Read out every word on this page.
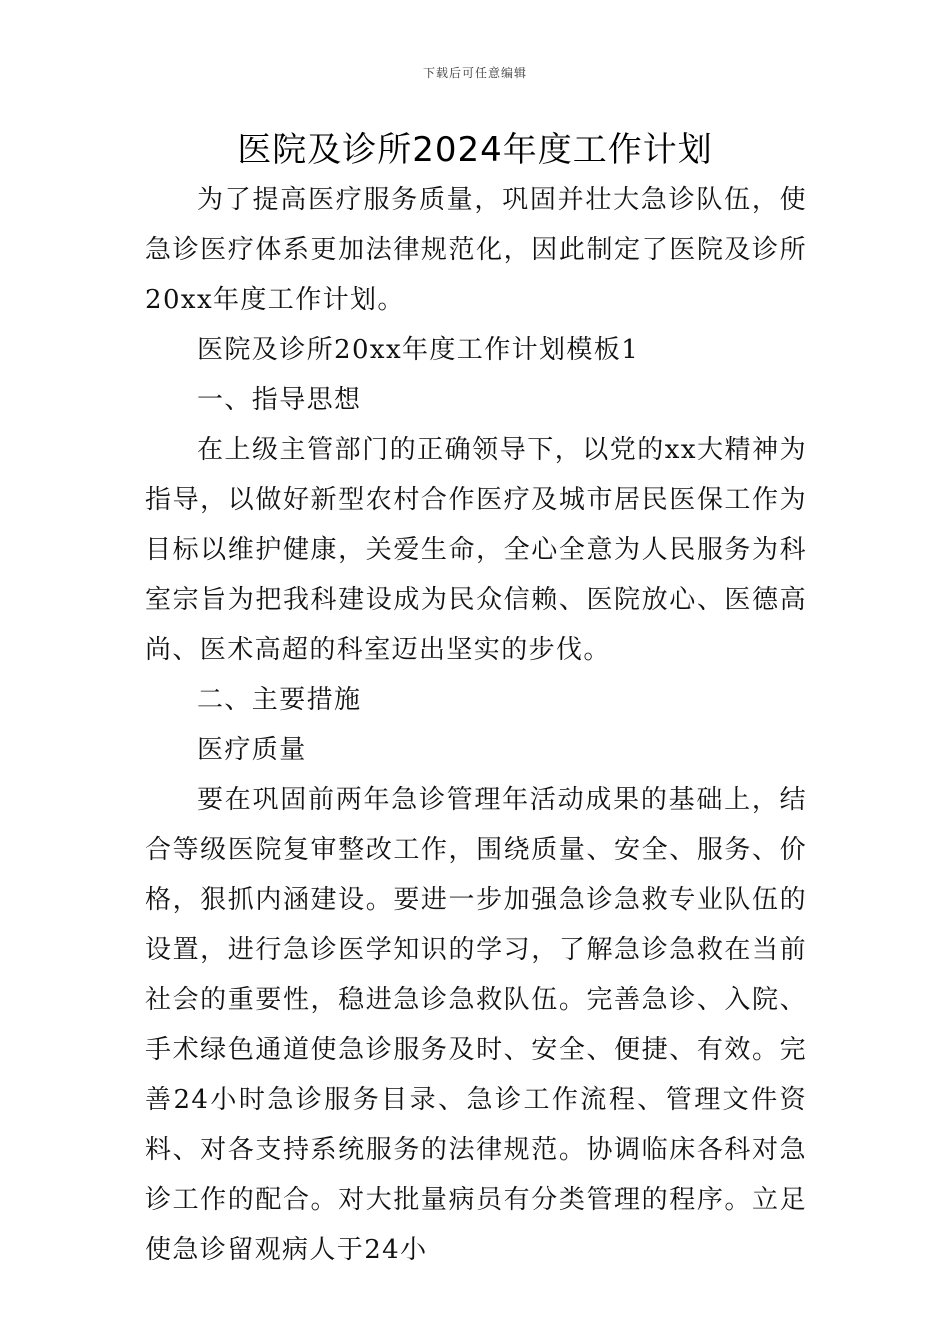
下载后可任意编辑
医院及诊所2024年度工作计划

为了提高医疗服务质量，巩固并壮大急诊队伍，使急诊医疗体系更加法律规范化，因此制定了医院及诊所20xx年度工作计划。

医院及诊所20xx年度工作计划模板1

一、指导思想

在上级主管部门的正确领导下，以党的xx大精神为指导，以做好新型农村合作医疗及城市居民医保工作为目标以维护健康，关爱生命，全心全意为人民服务为科室宗旨为把我科建设成为民众信赖、医院放心、医德高尚、医术高超的科室迈出坚实的步伐。

二、主要措施

医疗质量

要在巩固前两年急诊管理年活动成果的基础上，结合等级医院复审整改工作，围绕质量、安全、服务、价格，狠抓内涵建设。要进一步加强急诊急救专业队伍的设置，进行急诊医学知识的学习，了解急诊急救在当前社会的重要性，稳进急诊急救队伍。完善急诊、入院、手术绿色通道使急诊服务及时、安全、便捷、有效。完善24小时急诊服务目录、急诊工作流程、管理文件资料、对各支持系统服务的法律规范。协调临床各科对急诊工作的配合。对大批量病员有分类管理的程序。立足使急诊留观病人于24小
